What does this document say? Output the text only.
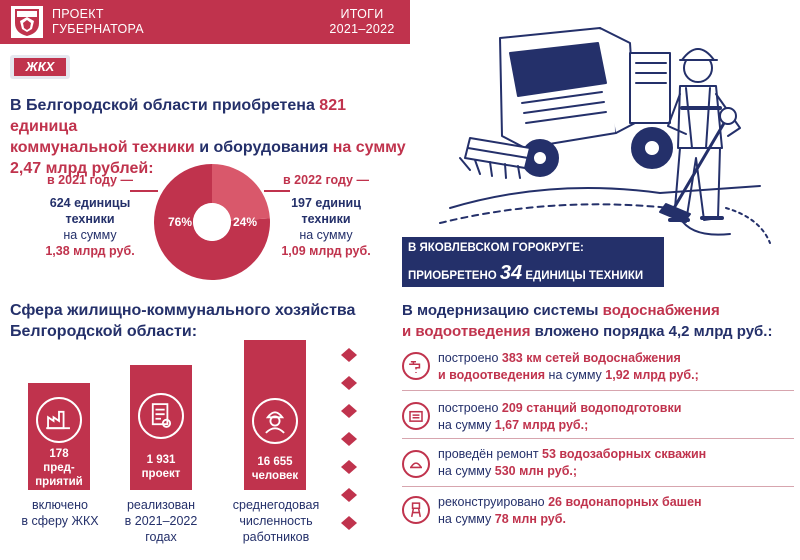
ПРОЕКТ
ГУБЕРНАТОРА
ИТОГИ
2021–2022
ЖКХ
В Белгородской области приобретена 821 единица
коммунальной техники и оборудования на сумму
2,47 млрд рублей:
в 2021 году —
624 единицы
техники
на сумму
1,38 млрд руб.
76%	24%
в 2022 году —
197 единиц
техники
на сумму
1,09 млрд руб.	В ЯКОВЛЕВСКОМ ГОРОКРУГЕ:
ПРИОБРЕТЕНО 34 ЕДИНИЦЫ ТЕХНИКИ
Сфера жилищно-коммунального хозяйства
Белгородской области:
178
пред-
приятий
включено
в сферу ЖКХ
1 931
проект
реализован
в 2021–2022
годах
16 655
человек
среднегодовая
численность
работников
В модернизацию системы водоснабжения
и водоотведения вложено порядка 4,2 млрд руб.:
построено 383 км сетей водоснабжения
и водоотведения на сумму 1,92 млрд руб.;
построено 209 станций водоподготовки
на сумму 1,67 млрд руб.;
проведён ремонт 53 водозаборных скважин
на сумму 530 млн руб.;
реконструировано 26 водонапорных башен
на сумму 78 млн руб.
